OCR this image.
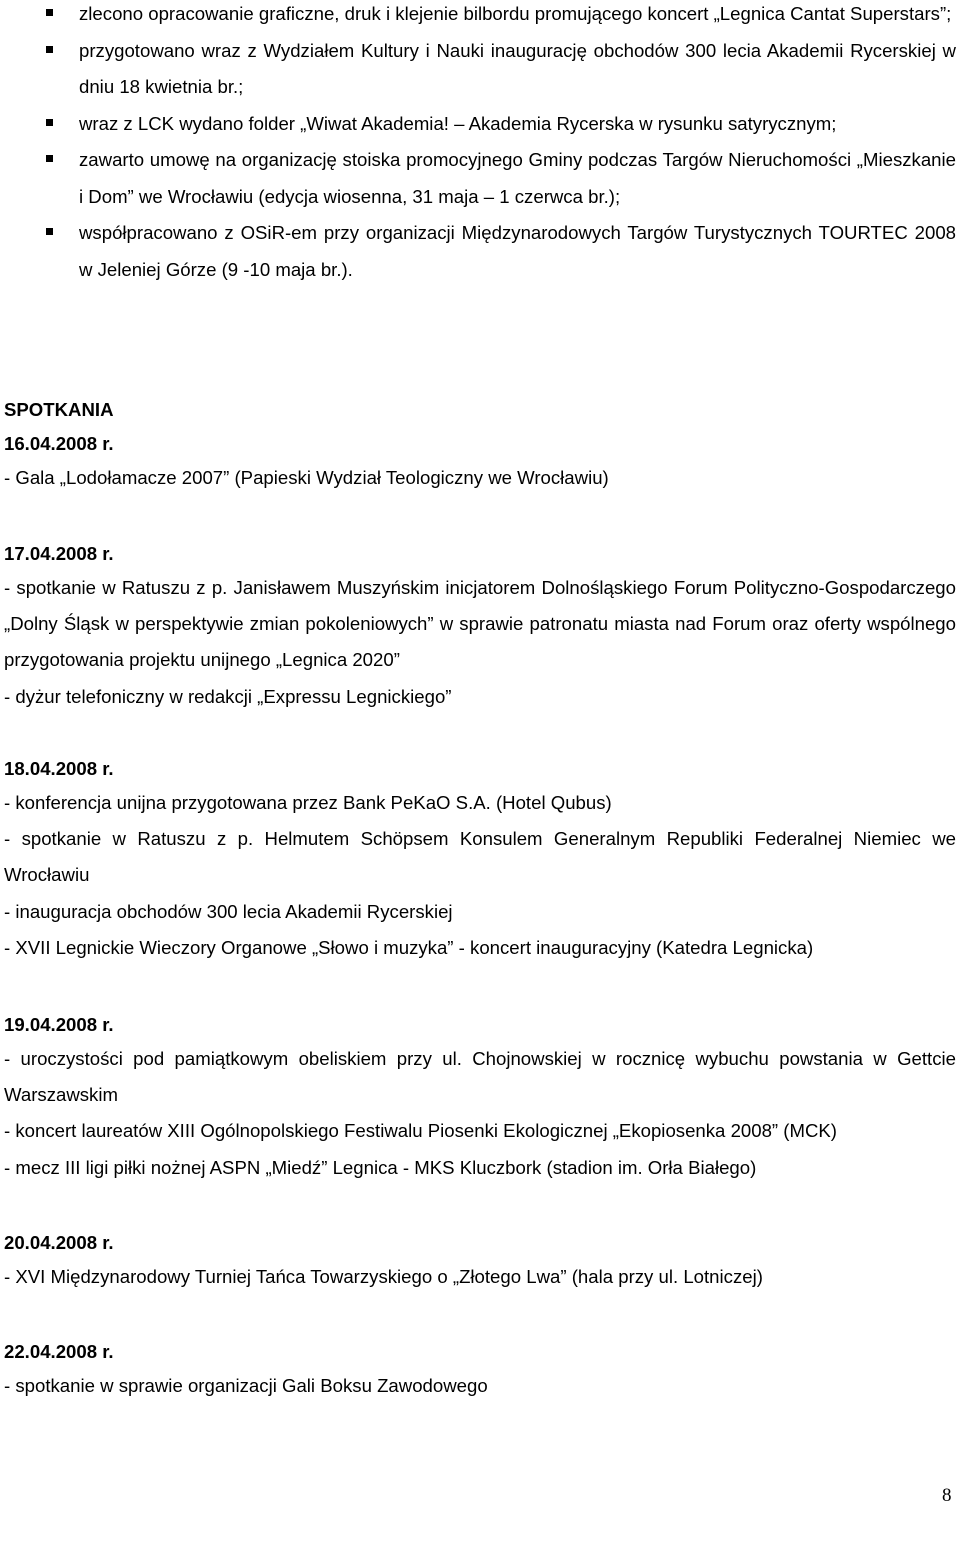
zlecono opracowanie graficzne, druk i klejenie bilbordu promującego koncert „Legnica Cantat Superstars”;
przygotowano wraz z Wydziałem Kultury i Nauki inaugurację obchodów 300 lecia Akademii Rycerskiej w dniu 18 kwietnia br.;
wraz z LCK wydano folder „Wiwat Akademia! – Akademia Rycerska w rysunku satyrycznym;
zawarto umowę na organizację stoiska promocyjnego Gminy podczas Targów Nieruchomości „Mieszkanie i Dom” we Wrocławiu (edycja wiosenna, 31 maja – 1 czerwca br.);
współpracowano z OSiR-em przy organizacji Międzynarodowych Targów Turystycznych TOURTEC 2008 w Jeleniej Górze (9 -10 maja br.).
SPOTKANIA
16.04.2008 r.
- Gala „Lodołamacze 2007” (Papieski Wydział Teologiczny we Wrocławiu)
17.04.2008 r.
- spotkanie w Ratuszu z p. Janisławem Muszyńskim inicjatorem Dolnośląskiego Forum Polityczno-Gospodarczego „Dolny Śląsk w perspektywie zmian pokoleniowych” w sprawie patronatu miasta nad Forum oraz oferty wspólnego przygotowania projektu unijnego „Legnica 2020”
- dyżur telefoniczny w redakcji „Expressu Legnickiego”
18.04.2008 r.
- konferencja unijna przygotowana przez Bank PeKaO S.A. (Hotel Qubus)
- spotkanie w Ratuszu z p. Helmutem Schöpsem Konsulem Generalnym Republiki Federalnej Niemiec we Wrocławiu
- inauguracja obchodów 300 lecia Akademii Rycerskiej
- XVII Legnickie Wieczory Organowe „Słowo i muzyka” - koncert inauguracyjny (Katedra Legnicka)
19.04.2008 r.
- uroczystości pod pamiątkowym obeliskiem przy ul. Chojnowskiej w rocznicę wybuchu powstania w Gettcie Warszawskim
- koncert laureatów XIII Ogólnopolskiego Festiwalu Piosenki Ekologicznej „Ekopiosenka 2008” (MCK)
- mecz III ligi piłki nożnej ASPN „Miedź” Legnica - MKS Kluczbork (stadion im. Orła Białego)
20.04.2008 r.
- XVI Międzynarodowy Turniej Tańca Towarzyskiego o „Złotego Lwa” (hala przy ul. Lotniczej)
22.04.2008 r.
- spotkanie w sprawie organizacji Gali Boksu Zawodowego
8
